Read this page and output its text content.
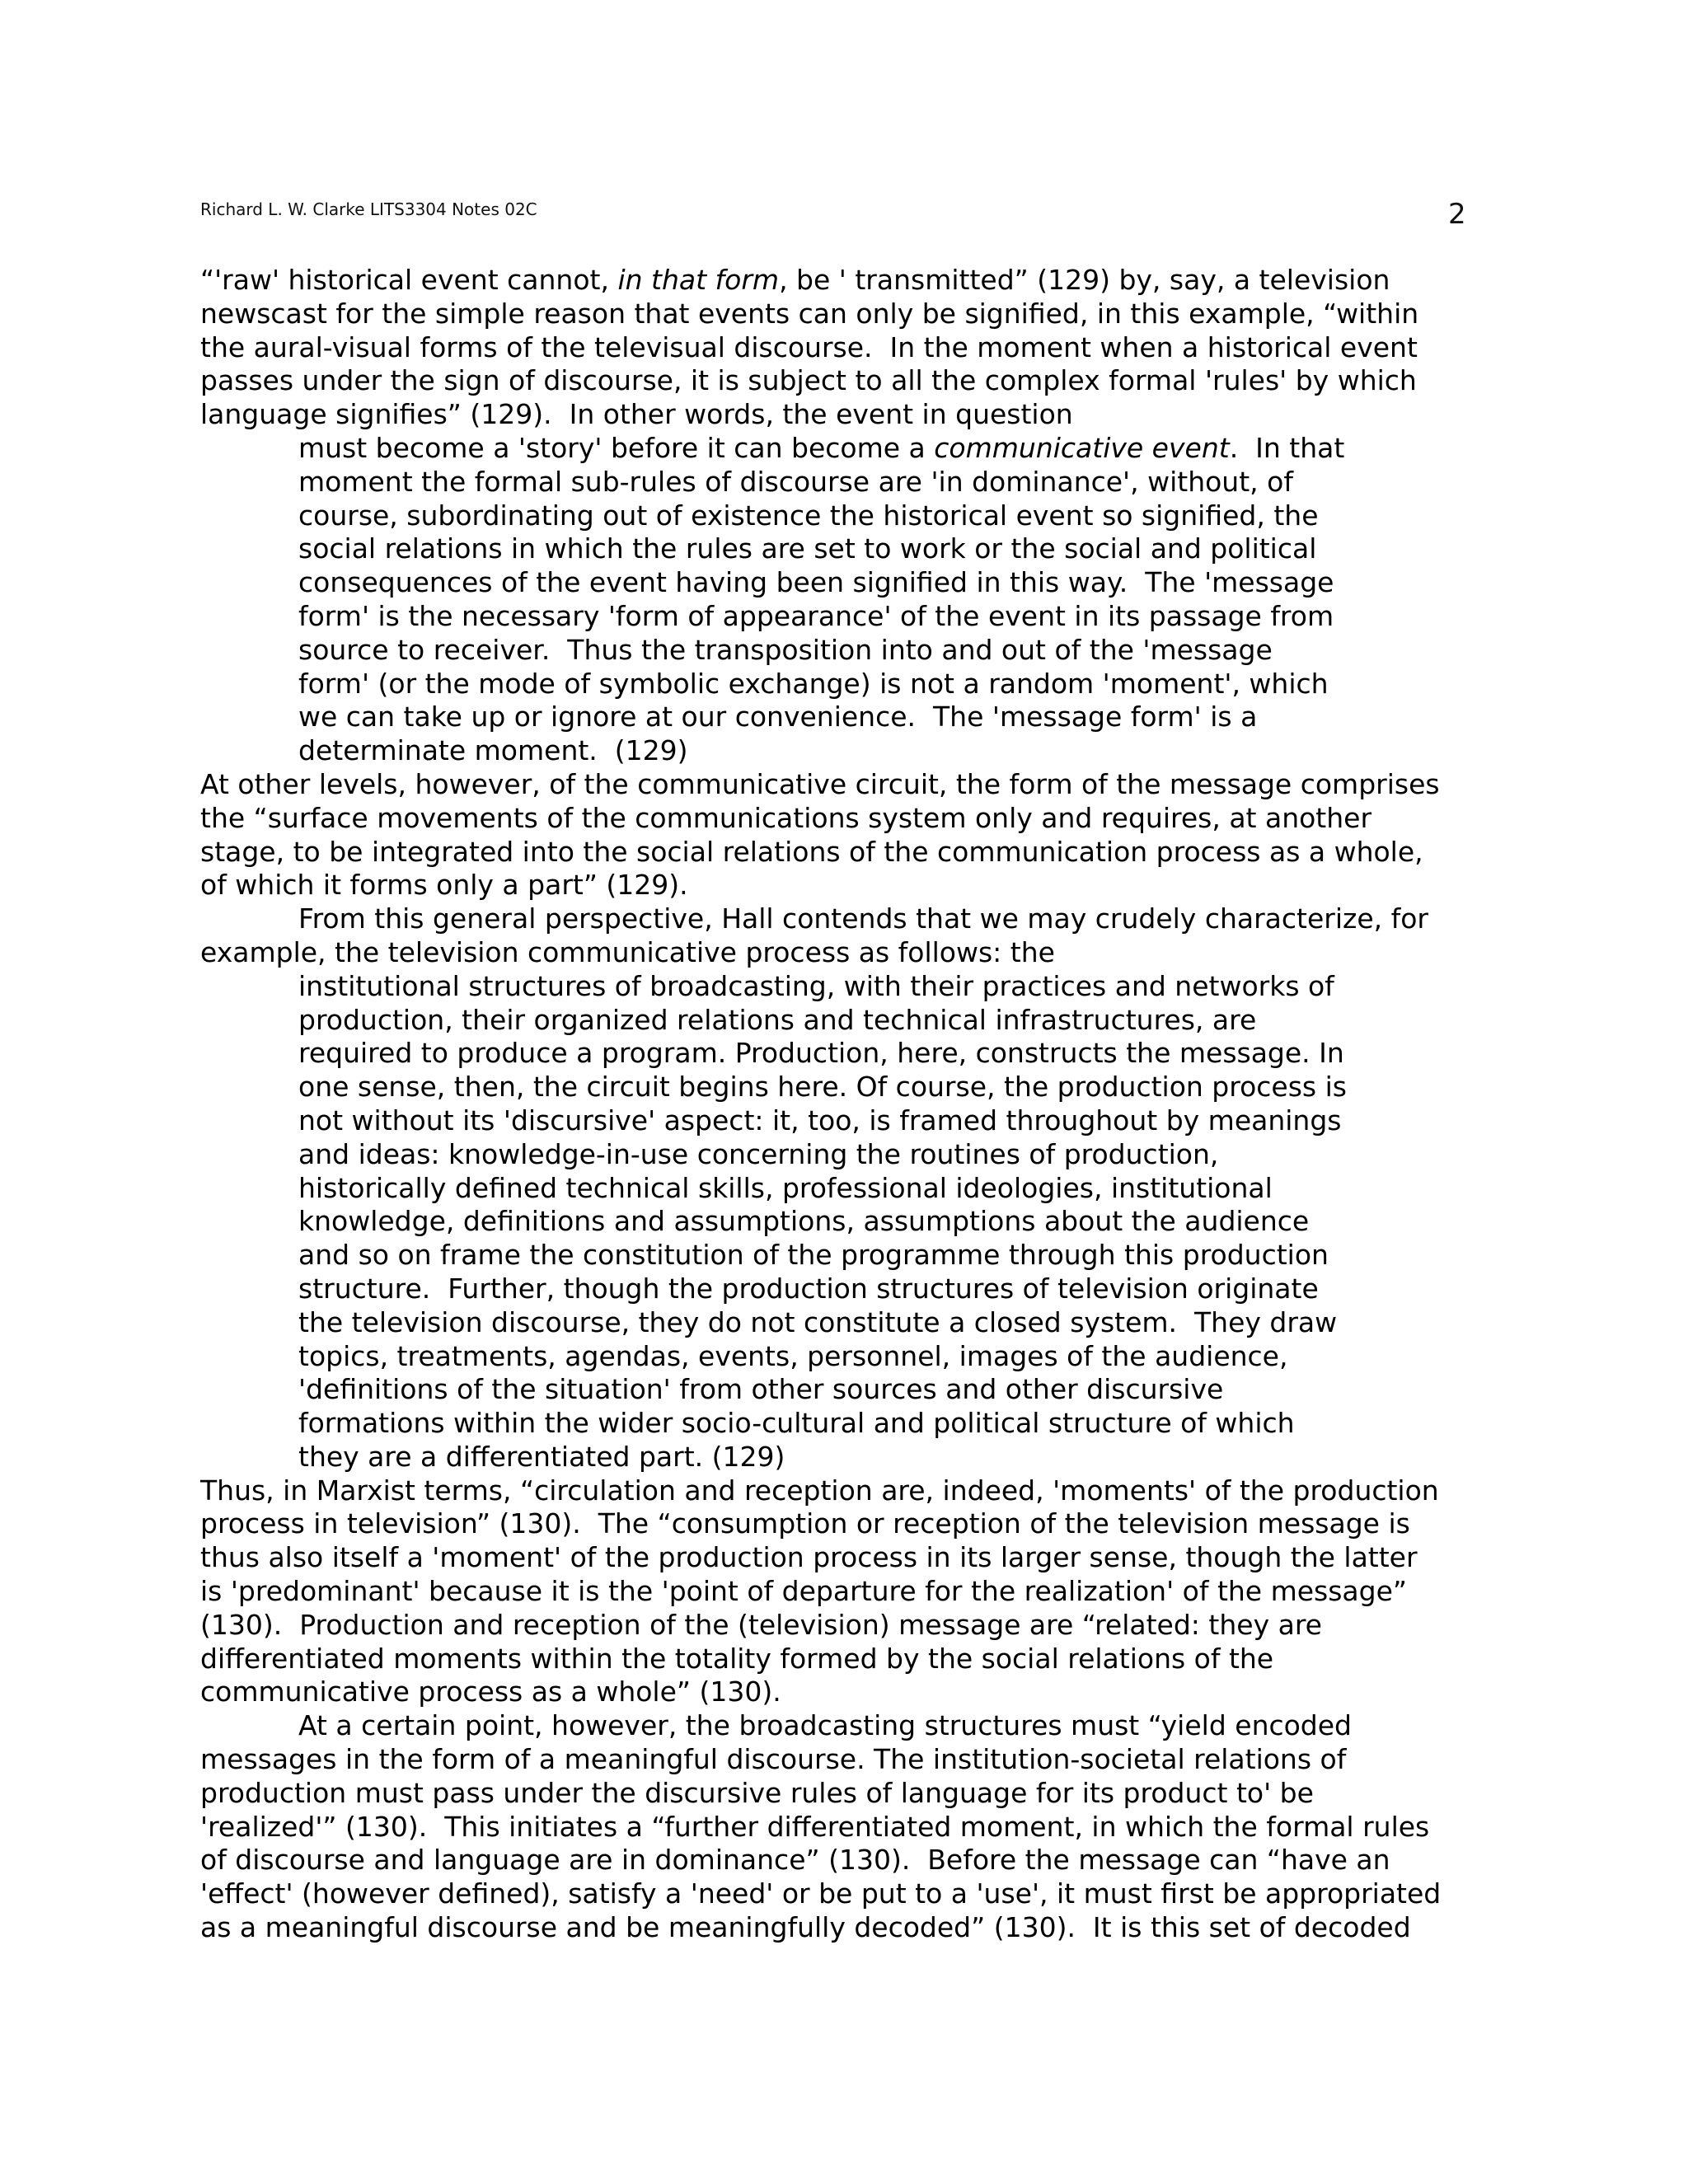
Richard L. W. Clarke LITS3304 Notes 02C	2
“'raw' historical event cannot, in that form, be ' transmitted” (129) by, say, a television
newscast for the simple reason that events can only be signified, in this example, “within
the aural-visual forms of the televisual discourse.  In the moment when a historical event
passes under the sign of discourse, it is subject to all the complex formal 'rules' by which
language signifies” (129).  In other words, the event in question
must become a 'story' before it can become a communicative event.  In that
moment the formal sub-rules of discourse are 'in dominance', without, of
course, subordinating out of existence the historical event so signified, the
social relations in which the rules are set to work or the social and political
consequences of the event having been signified in this way.  The 'message
form' is the necessary 'form of appearance' of the event in its passage from
source to receiver.  Thus the transposition into and out of the 'message
form' (or the mode of symbolic exchange) is not a random 'moment', which
we can take up or ignore at our convenience.  The 'message form' is a
determinate moment.  (129)
At other levels, however, of the communicative circuit, the form of the message comprises
the “surface movements of the communications system only and requires, at another
stage, to be integrated into the social relations of the communication process as a whole,
of which it forms only a part” (129).
From this general perspective, Hall contends that we may crudely characterize, for
example, the television communicative process as follows: the
institutional structures of broadcasting, with their practices and networks of
production, their organized relations and technical infrastructures, are
required to produce a program. Production, here, constructs the message. In
one sense, then, the circuit begins here. Of course, the production process is
not without its 'discursive' aspect: it, too, is framed throughout by meanings
and ideas: knowledge-in-use concerning the routines of production,
historically defined technical skills, professional ideologies, institutional
knowledge, definitions and assumptions, assumptions about the audience
and so on frame the constitution of the programme through this production
structure.  Further, though the production structures of television originate
the television discourse, they do not constitute a closed system.  They draw
topics, treatments, agendas, events, personnel, images of the audience,
'definitions of the situation' from other sources and other discursive
formations within the wider socio-cultural and political structure of which
they are a differentiated part. (129)
Thus, in Marxist terms, “circulation and reception are, indeed, 'moments' of the production
process in television” (130).  The “consumption or reception of the television message is
thus also itself a 'moment' of the production process in its larger sense, though the latter
is 'predominant' because it is the 'point of departure for the realization' of the message”
(130).  Production and reception of the (television) message are “related: they are
differentiated moments within the totality formed by the social relations of the
communicative process as a whole” (130).
At a certain point, however, the broadcasting structures must “yield encoded
messages in the form of a meaningful discourse. The institution-societal relations of
production must pass under the discursive rules of language for its product to' be
'realized'” (130).  This initiates a “further differentiated moment, in which the formal rules
of discourse and language are in dominance” (130).  Before the message can “have an
'effect' (however defined), satisfy a 'need' or be put to a 'use', it must first be appropriated
as a meaningful discourse and be meaningfully decoded” (130).  It is this set of decoded
